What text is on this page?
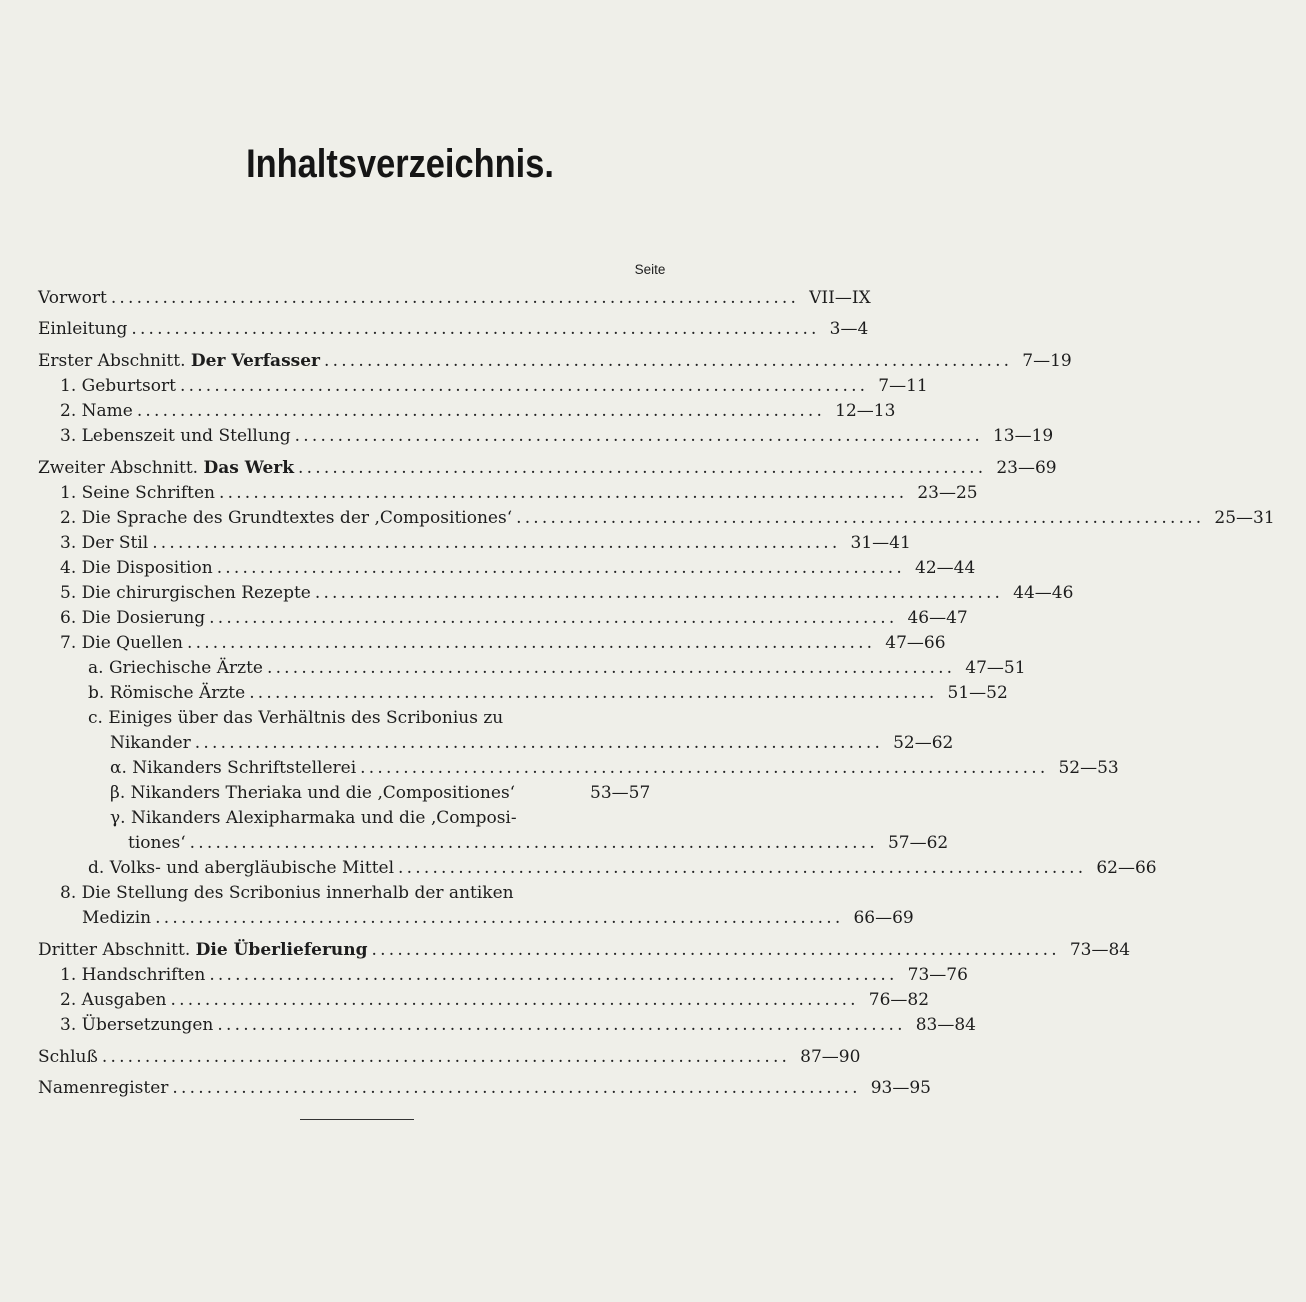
Inhaltsverzeichnis.
Seite
Vorwort ................................................................................ VII—IX
Einleitung ................................................................................ 3—4
Erster Abschnitt. Der Verfasser ................................................................................ 7—19
1. Geburtsort ................................................................................ 7—11
2. Name ................................................................................ 12—13
3. Lebenszeit und Stellung ................................................................................ 13—19
Zweiter Abschnitt. Das Werk ................................................................................ 23—69
1. Seine Schriften ................................................................................ 23—25
2. Die Sprache des Grundtextes der ‚Compositiones‘ ................................................................................ 25—31
3. Der Stil ................................................................................ 31—41
4. Die Disposition ................................................................................ 42—44
5. Die chirurgischen Rezepte ................................................................................ 44—46
6. Die Dosierung ................................................................................ 46—47
7. Die Quellen ................................................................................ 47—66
a. Griechische Ärzte ................................................................................ 47—51
b. Römische Ärzte ................................................................................ 51—52
c. Einiges über das Verhältnis des Scribonius zu
Nikander ................................................................................ 52—62
α. Nikanders Schriftstellerei ................................................................................ 52—53
β. Nikanders Theriaka und die ‚Compositiones‘	53—57
γ. Nikanders Alexipharmaka und die ‚Composi-
tiones‘ ................................................................................ 57—62
d. Volks- und abergläubische Mittel ................................................................................ 62—66
8. Die Stellung des Scribonius innerhalb der antiken
Medizin ................................................................................ 66—69
Dritter Abschnitt. Die Überlieferung ................................................................................ 73—84
1. Handschriften ................................................................................ 73—76
2. Ausgaben ................................................................................ 76—82
3. Übersetzungen ................................................................................ 83—84
Schluß ................................................................................ 87—90
Namenregister ................................................................................ 93—95
